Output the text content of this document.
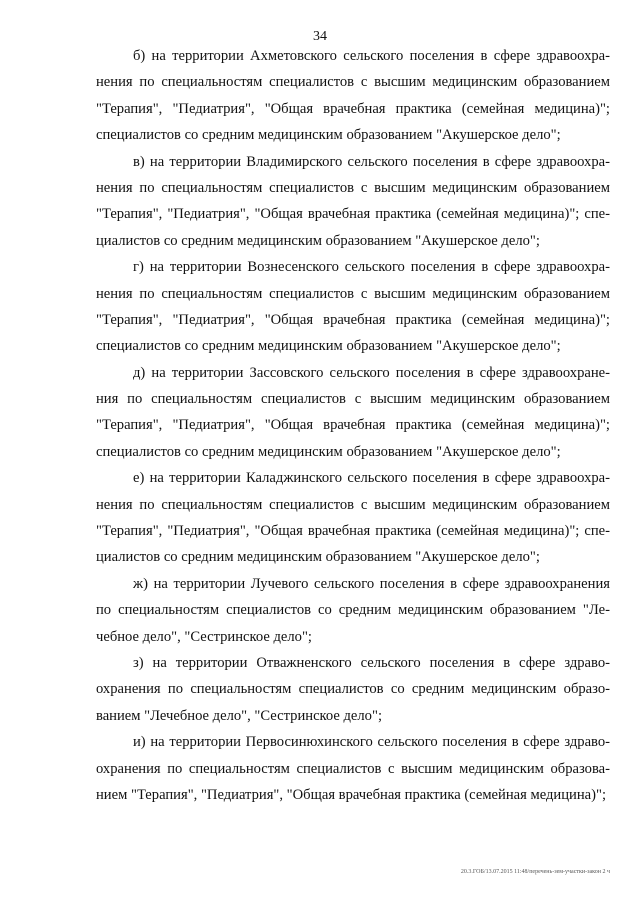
34
б) на территории Ахметовского сельского поселения в сфере здравоохра-
нения по специальностям специалистов с высшим медицинским образованием
"Терапия", "Педиатрия", "Общая врачебная практика (семейная медицина)";
специалистов со средним медицинским образованием "Акушерское дело";
в) на территории Владимирского сельского поселения в сфере здравоохра-
нения по специальностям специалистов с высшим медицинским образованием
"Терапия", "Педиатрия", "Общая врачебная практика (семейная медицина)"; спе-
циалистов со средним медицинским образованием "Акушерское дело";
г) на территории Вознесенского сельского поселения в сфере здравоохра-
нения по специальностям специалистов с высшим медицинским образованием
"Терапия", "Педиатрия", "Общая врачебная практика (семейная медицина)";
специалистов со средним медицинским образованием "Акушерское дело";
д) на территории Зассовского сельского поселения в сфере здравоохране-
ния по специальностям специалистов с высшим медицинским образованием
"Терапия", "Педиатрия", "Общая врачебная практика (семейная медицина)";
специалистов со средним медицинским образованием "Акушерское дело";
е) на территории Каладжинского сельского поселения в сфере здравоохра-
нения по специальностям специалистов с высшим медицинским образованием
"Терапия", "Педиатрия", "Общая врачебная практика (семейная медицина)"; спе-
циалистов со средним медицинским образованием "Акушерское дело";
ж) на территории Лучевого сельского поселения в сфере здравоохранения
по специальностям специалистов со средним медицинским образованием "Ле-
чебное дело", "Сестринское дело";
з) на территории Отважненского сельского поселения в сфере здраво-
охранения по специальностям специалистов со средним медицинским образо-
ванием "Лечебное дело", "Сестринское дело";
и) на территории Первосинюхинского сельского поселения в сфере здраво-
охранения по специальностям специалистов с высшим медицинским образова-
нием "Терапия", "Педиатрия", "Общая врачебная практика (семейная медицина)";
20.3.ГОБ/13.07.2015 11:48/перечень-зем-участки-закон 2 ч
